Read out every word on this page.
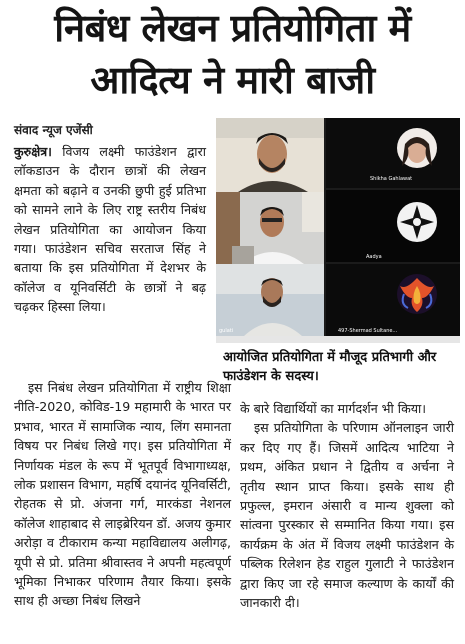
निबंध लेखन प्रतियोगिता में
आदित्य ने मारी बाजी
संवाद न्यूज एजेंसी

कुरुक्षेत्र। विजय लक्ष्मी फाउंडेशन द्वारा लॉकडाउन के दौरान छात्रों की लेखन क्षमता को बढ़ाने व उनकी छुपी हुई प्रतिभा को सामने लाने के लिए राष्ट्र स्तरीय निबंध लेखन प्रतियोगिता का आयोजन किया गया। फाउंडेशन सचिव सरताज सिंह ने बताया कि इस प्रतियोगिता में देशभर के कॉलेज व यूनिवर्सिटी के छात्रों ने बढ़ चढ़कर हिस्सा लिया।

Shikha Gahlawat
Aadya
gulati	497-Shermad Sultane...
आयोजित प्रतियोगिता में मौजूद प्रतिभागी और फाउंडेशन के सदस्य।

इस निबंध लेखन प्रतियोगिता में राष्ट्रीय शिक्षा नीति-2020, कोविड-19 महामारी के भारत पर प्रभाव, भारत में सामाजिक न्याय, लिंग समानता विषय पर निबंध लिखे गए। इस प्रतियोगिता में निर्णायक मंडल के रूप में भूतपूर्व विभागाध्यक्ष, लोक प्रशासन विभाग, महर्षि दयानंद यूनिवर्सिटी, रोहतक से प्रो. अंजना गर्ग, मारकंडा नेशनल कॉलेज शाहाबाद से लाइब्रेरियन डॉ. अजय कुमार अरोड़ा व टीकाराम कन्या महाविद्यालय अलीगढ़, यूपी से प्रो. प्रतिमा श्रीवास्तव ने अपनी महत्वपूर्ण भूमिका निभाकर परिणाम तैयार किया। इसके साथ ही अच्छा निबंध लिखने

के बारे विद्यार्थियों का मार्गदर्शन भी किया।

इस प्रतियोगिता के परिणाम ऑनलाइन जारी कर दिए गए हैं। जिसमें आदित्य भाटिया ने प्रथम, अंकित प्रधान ने द्वितीय व अर्चना ने तृतीय स्थान प्राप्त किया। इसके साथ ही प्रफुल्ल, इमरान अंसारी व मान्य शुक्ला को सांत्वना पुरस्कार से सम्मानित किया गया। इस कार्यक्रम के अंत में विजय लक्ष्मी फाउंडेशन के पब्लिक रिलेशन हेड राहुल गुलाटी ने फाउंडेशन द्वारा किए जा रहे समाज कल्याण के कार्यों की जानकारी दी।
